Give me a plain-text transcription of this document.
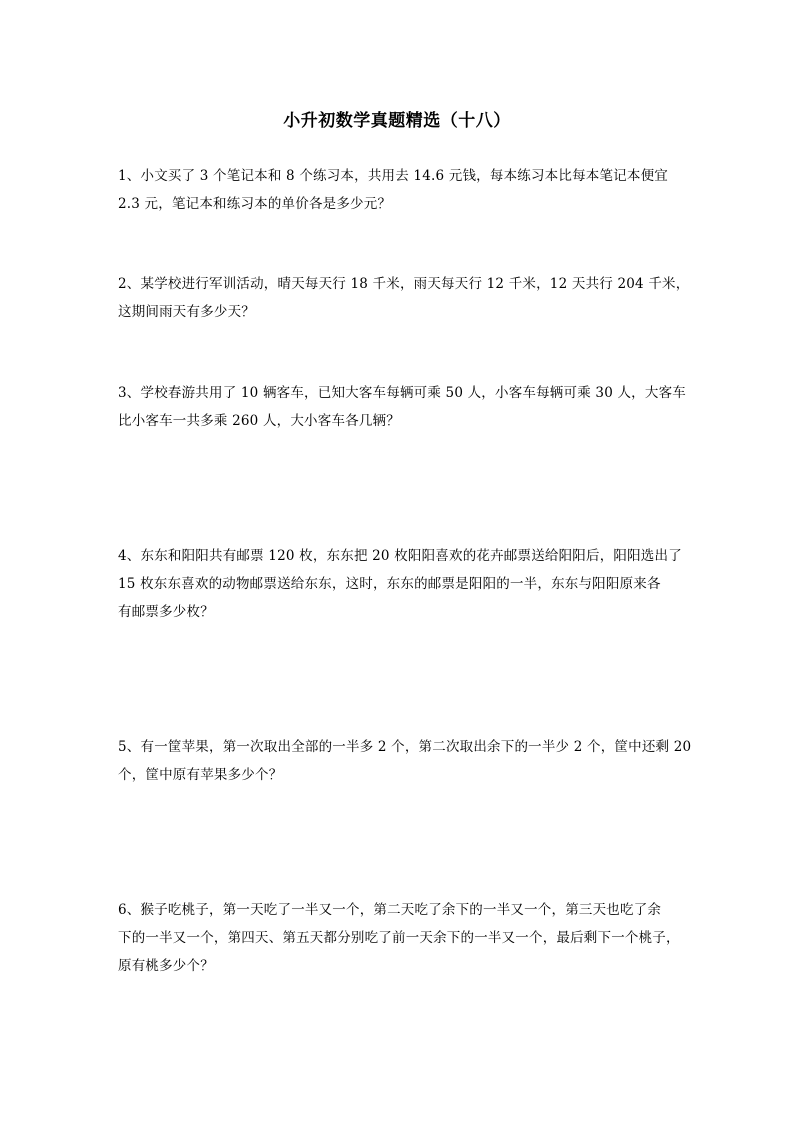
小升初数学真题精选（十八）
1、小文买了 3 个笔记本和 8 个练习本，共用去 14.6 元钱，每本练习本比每本笔记本便宜
2.3 元，笔记本和练习本的单价各是多少元？
2、某学校进行军训活动，晴天每天行 18 千米，雨天每天行 12 千米，12 天共行 204 千米，
这期间雨天有多少天？
3、学校春游共用了 10 辆客车，已知大客车每辆可乘 50 人，小客车每辆可乘 30 人，大客车
比小客车一共多乘 260 人，大小客车各几辆？
4、东东和阳阳共有邮票 120 枚，东东把 20 枚阳阳喜欢的花卉邮票送给阳阳后，阳阳选出了
15 枚东东喜欢的动物邮票送给东东，这时，东东的邮票是阳阳的一半，东东与阳阳原来各
有邮票多少枚？
5、有一筐苹果，第一次取出全部的一半多 2 个，第二次取出余下的一半少 2 个，筐中还剩 20
个，筐中原有苹果多少个？
6、猴子吃桃子，第一天吃了一半又一个，第二天吃了余下的一半又一个，第三天也吃了余
下的一半又一个，第四天、第五天都分别吃了前一天余下的一半又一个，最后剩下一个桃子，
原有桃多少个？
